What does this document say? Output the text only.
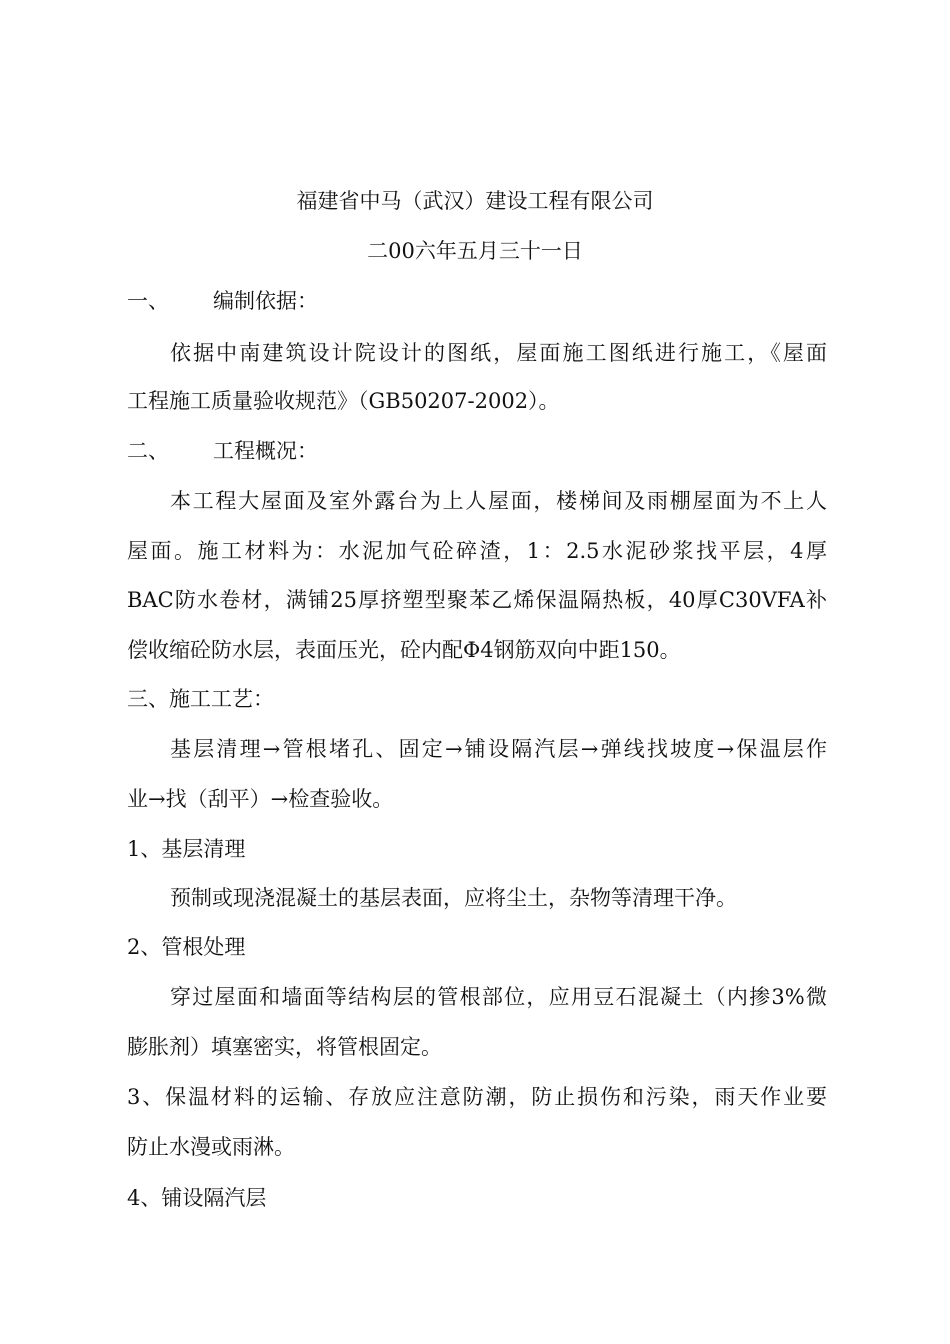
福建省中马（武汉）建设工程有限公司
二00六年五月三十一日
一、 编制依据：
依据中南建筑设计院设计的图纸，屋面施工图纸进行施工，《屋面
工程施工质量验收规范》（GB50207-2002）。
二、 工程概况：
本工程大屋面及室外露台为上人屋面，楼梯间及雨棚屋面为不上人
屋面。施工材料为：水泥加气砼碎渣，1：2.5水泥砂浆找平层，4厚
BAC防水卷材，满铺25厚挤塑型聚苯乙烯保温隔热板，40厚C30VFA补
偿收缩砼防水层，表面压光，砼内配Φ4钢筋双向中距150。
三、施工工艺：
基层清理→管根堵孔、固定→铺设隔汽层→弹线找坡度→保温层作
业→找（刮平）→检查验收。
1、基层清理
预制或现浇混凝土的基层表面，应将尘土，杂物等清理干净。
2、管根处理
穿过屋面和墙面等结构层的管根部位，应用豆石混凝土（内掺3%微
膨胀剂）填塞密实，将管根固定。
3、保温材料的运输、存放应注意防潮，防止损伤和污染，雨天作业要
防止水漫或雨淋。
4、铺设隔汽层
